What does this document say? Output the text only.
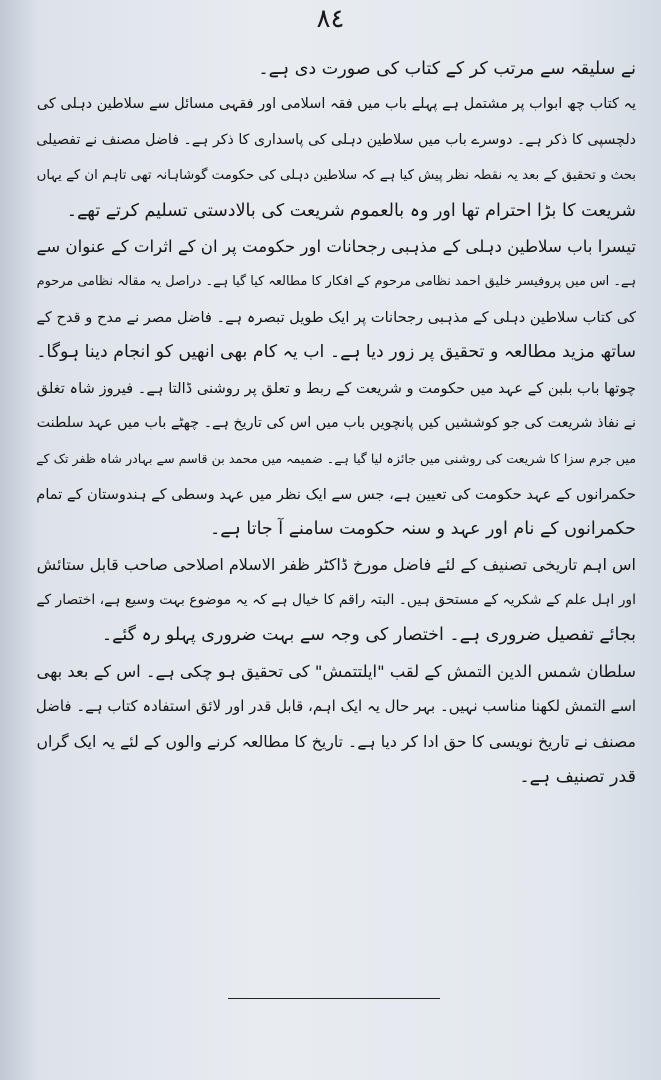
٨٤
نے سلیقہ سے مرتب کر کے کتاب کی صورت دی ہے۔
یہ کتاب چھ ابواب پر مشتمل ہے پہلے باب میں فقہ اسلامی اور فقہی مسائل سے سلاطین دہلی کی
دلچسپی کا ذکر ہے۔ دوسرے باب میں سلاطین دہلی کی پاسداری کا ذکر ہے۔ فاضل مصنف نے تفصیلی
بحث و تحقیق کے بعد یہ نقطہ نظر پیش کیا ہے کہ سلاطین دہلی کی حکومت گوشاہانہ تھی تاہم ان کے یہاں
شریعت کا بڑا احترام تھا اور وہ بالعموم شریعت کی بالادستی تسلیم کرتے تھے۔
تیسرا باب سلاطین دہلی کے مذہبی رجحانات اور حکومت پر ان کے اثرات کے عنوان سے
ہے۔ اس میں پروفیسر خلیق احمد نظامی مرحوم کے افکار کا مطالعہ کیا گیا ہے۔ دراصل یہ مقالہ نظامی مرحوم
کی کتاب سلاطین دہلی کے مذہبی رجحانات پر ایک طویل تبصرہ ہے۔ فاضل مصر نے مدح و قدح کے
ساتھ مزید مطالعہ و تحقیق پر زور دیا ہے۔ اب یہ کام بھی انھیں کو انجام دینا ہوگا۔
چوتھا باب بلبن کے عہد میں حکومت و شریعت کے ربط و تعلق پر روشنی ڈالتا ہے۔ فیروز شاہ تغلق
نے نفاذ شریعت کی جو کوششیں کیں پانچویں باب میں اس کی تاریخ ہے۔ چھٹے باب میں عہد سلطنت
میں جرم سزا کا شریعت کی روشنی میں جائزہ لیا گیا ہے۔ ضمیمہ میں محمد بن قاسم سے بہادر شاہ ظفر تک کے
حکمرانوں کے عہد حکومت کی تعیین ہے، جس سے ایک نظر میں عہد وسطی کے ہندوستان کے تمام
حکمرانوں کے نام اور عہد و سنہ حکومت سامنے آ جاتا ہے۔
اس اہم تاریخی تصنیف کے لئے فاضل مورخ ڈاکٹر ظفر الاسلام اصلاحی صاحب قابل ستائش
اور اہل علم کے شکریہ کے مستحق ہیں۔ البتہ راقم کا خیال ہے کہ یہ موضوع بہت وسیع ہے، اختصار کے
بجائے تفصیل ضروری ہے۔ اختصار کی وجہ سے بہت ضروری پہلو رہ گئے۔
سلطان شمس الدین التمش کے لقب "ایلتتمش" کی تحقیق ہو چکی ہے۔ اس کے بعد بھی
اسے التمش لکھنا مناسب نہیں۔ بہر حال یہ ایک اہم، قابل قدر اور لائق استفادہ کتاب ہے۔ فاضل
مصنف نے تاریخ نویسی کا حق ادا کر دیا ہے۔ تاریخ کا مطالعہ کرنے والوں کے لئے یہ ایک گراں
قدر تصنیف ہے۔
